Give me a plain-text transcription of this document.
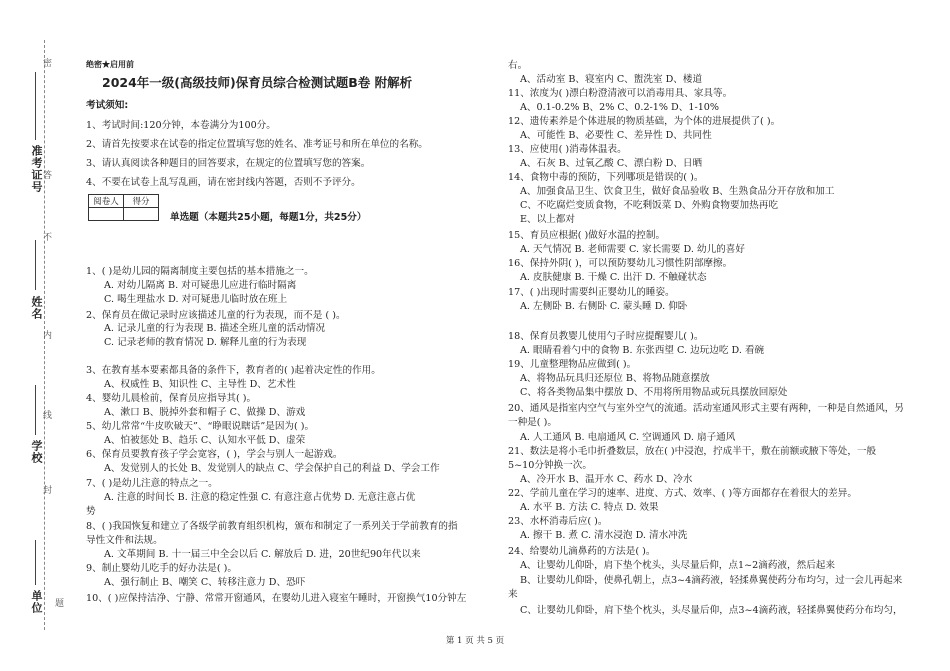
密
准考证号
答
不
姓名
内
线
学校
封
单位 题
绝密★启用前
2024年一级(高级技师)保育员综合检测试题B卷 附解析
考试须知:
1、考试时间:120分钟，本卷满分为100分。
2、请首先按要求在试卷的指定位置填写您的姓名、准考证号和所在单位的名称。
3、请认真阅读各种题目的回答要求，在规定的位置填写您的答案。
4、不要在试卷上乱写乱画，请在密封线内答题，否则不予评分。
单选题（本题共25小题，每题1分，共25分）
1、( )是幼儿园的隔离制度主要包括的基本措施之一。
A. 对幼儿隔离 B. 对可疑患儿应进行临时隔离
C. 喝生理盐水 D. 对可疑患儿临时放在班上
2、保育员在做记录时应该描述儿童的行为表现，而不是 ( )。
A. 记录儿童的行为表现 B. 描述全班儿童的活动情况
C. 记录老师的教育情况 D. 解释儿童的行为表现
3、在教育基本要素都具备的条件下，教育者的( )起着决定性的作用。
A、权威性 B、知识性 C、主导性 D、艺术性
4、婴幼儿晨检前，保育员应指导其( )。
A、漱口 B、脱掉外套和帽子 C、做操 D、游戏
5、幼儿常常“牛皮吹破天”、“睁眼说瞎话”是因为( )。
A、怕被惩处 B、趋乐 C、认知水平低 D、虚荣
6、保育员要教育孩子学会宽容，( )，学会与别人一起游戏。
A、发觉别人的长处 B、发觉别人的缺点 C、学会保护自己的利益 D、学会工作
7、( )是幼儿注意的特点之一。
A. 注意的时间长 B. 注意的稳定性强 C. 有意注意占优势 D. 无意注意占优
势
8、( )我国恢复和建立了各级学前教育组织机构，颁布和制定了一系列关于学前教育的指
导性文件和法规。
A. 文革期间 B. 十一届三中全会以后 C. 解放后 D. 进，20世纪90年代以来
9、制止婴幼儿吃手的好办法是( )。
A、强行制止 B、嘲笑 C、转移注意力 D、恐吓
10、( )应保持洁净、宁静、常常开窗通风，在婴幼儿进入寝室午睡时，开窗换气10分钟左
阅卷人	得分

右。
A、活动室 B、寝室内 C、盥洗室 D、楼道
11、浓度为( )漂白粉澄清液可以消毒用具、家具等。
A、0.1-0.2% B、2% C、0.2-1% D、1-10%
12、遗传素养是个体进展的物质基础，为个体的进展提供了( )。
A、可能性 B、必要性 C、差异性 D、共同性
13、应使用( )消毒体温表。
A、石灰 B、过氧乙酸 C、漂白粉 D、日晒
14、食物中毒的预防，下列哪项是错误的( )。
A、加强食品卫生、饮食卫生，做好食品验收 B、生熟食品分开存放和加工
C、不吃腐烂变质食物，不吃剩饭菜 D、外购食物要加热再吃
E、以上都对
15、育员应根据( )做好水温的控制。
A. 天气情况 B. 老师需要 C. 家长需要 D. 幼儿的喜好
16、保持外阴( )，可以预防婴幼儿习惯性阴部摩擦。
A. 皮肤健康 B. 干燥 C. 出汗 D. 不触碰状态
17、( )出现时需要纠正婴幼儿的睡姿。
A. 左侧卧 B. 右侧卧 C. 蒙头睡 D. 仰卧
18、保育员教婴儿使用勺子时应提醒婴儿( )。
A. 眼睛看着勺中的食物 B. 东张西望 C. 边玩边吃 D. 看碗
19、儿童整理物品应做到( )。
A、将物品玩具归还原位 B、将物品随意摆放
C、将各类物品集中摆放 D、不用将所用物品或玩具摆放回原处
20、通风是指室内空气与室外空气的流通。活动室通风形式主要有两种，一种是自然通风，另
一种是( )。
A. 人工通风 B. 电扇通风 C. 空调通风 D. 扇子通风
21、数法是将小毛巾折叠数层，放在( )中浸泡，拧成半干，敷在前额或腋下等处，一般
5~10分钟换一次。
A、冷开水 B、温开水 C、药水 D、冷水
22、学前儿童在学习的速率、进度、方式、效率、( )等方面都存在着很大的差异。
A. 水平 B. 方法 C. 特点 D. 效果
23、水杯消毒后应( )。
A. 擦干 B. 煮 C. 清水浸泡 D. 清水冲洗
24、给婴幼儿滴鼻药的方法是( )。
A、让婴幼儿仰卧，肩下垫个枕头，头尽量后仰，点1~2滴药液，然后起来
B、让婴幼儿仰卧，使鼻孔朝上，点3~4滴药液，轻揉鼻翼使药分布均匀，过一会儿再起来
来
C、让婴幼儿仰卧，肩下垫个枕头，头尽量后仰，点3~4滴药液，轻揉鼻翼使药分布均匀，
第 1 页 共 5 页
